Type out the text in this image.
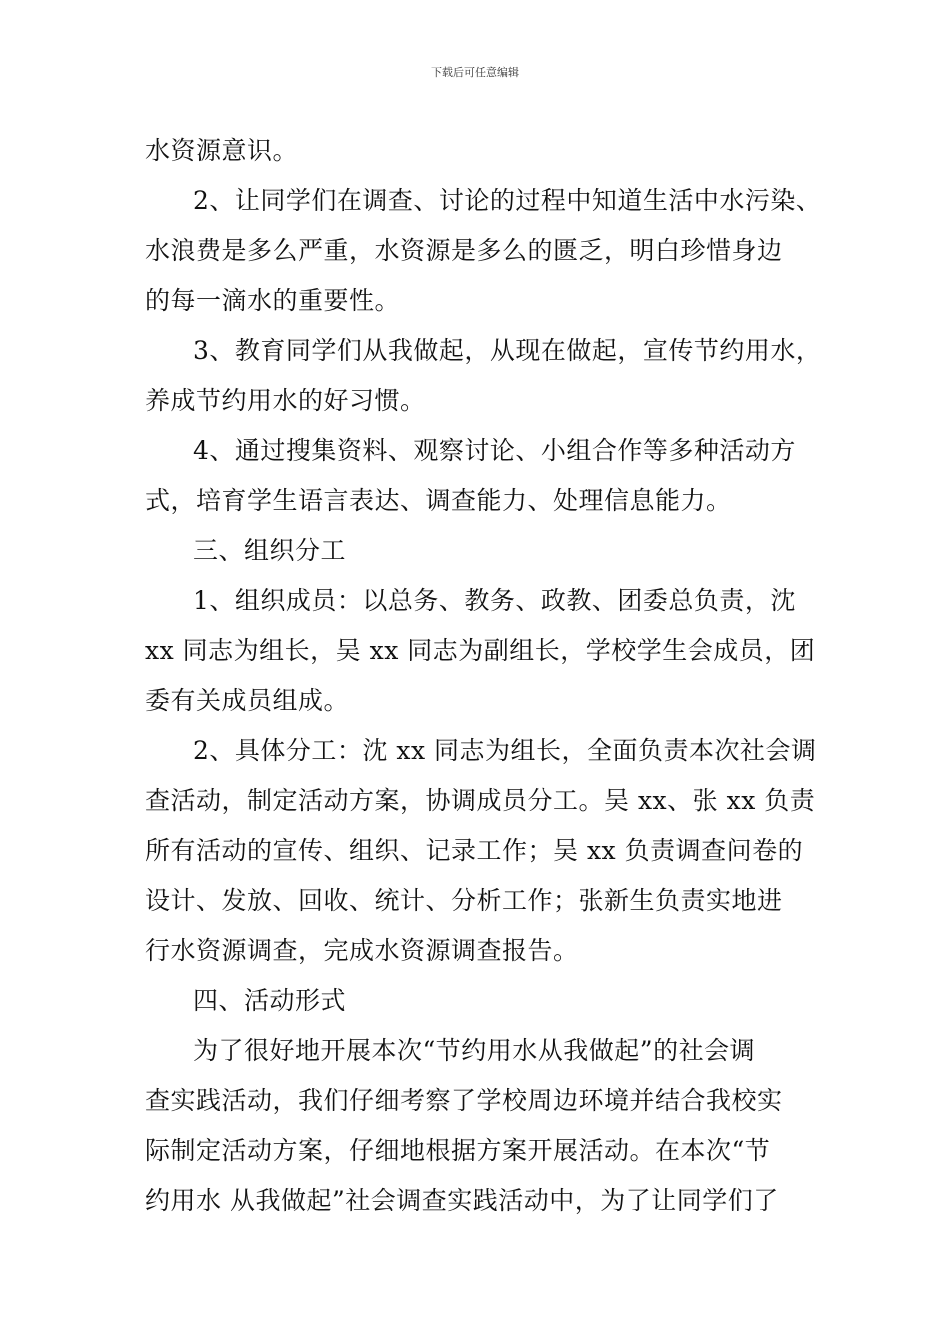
下载后可任意编辑
水资源意识。
2、让同学们在调查、讨论的过程中知道生活中水污染、
水浪费是多么严重，水资源是多么的匮乏，明白珍惜身边
的每一滴水的重要性。
3、教育同学们从我做起，从现在做起，宣传节约用水，
养成节约用水的好习惯。
4、通过搜集资料、观察讨论、小组合作等多种活动方
式，培育学生语言表达、调查能力、处理信息能力。
三、组织分工
1、组织成员：以总务、教务、政教、团委总负责，沈
xx 同志为组长，吴 xx 同志为副组长，学校学生会成员，团
委有关成员组成。
2、具体分工：沈 xx 同志为组长，全面负责本次社会调
查活动，制定活动方案，协调成员分工。吴 xx、张 xx 负责
所有活动的宣传、组织、记录工作；吴 xx 负责调查问卷的
设计、发放、回收、统计、分析工作；张新生负责实地进
行水资源调查，完成水资源调查报告。
四、活动形式
为了很好地开展本次“节约用水从我做起”的社会调
查实践活动，我们仔细考察了学校周边环境并结合我校实
际制定活动方案，仔细地根据方案开展活动。在本次“节
约用水 从我做起”社会调查实践活动中，为了让同学们了
